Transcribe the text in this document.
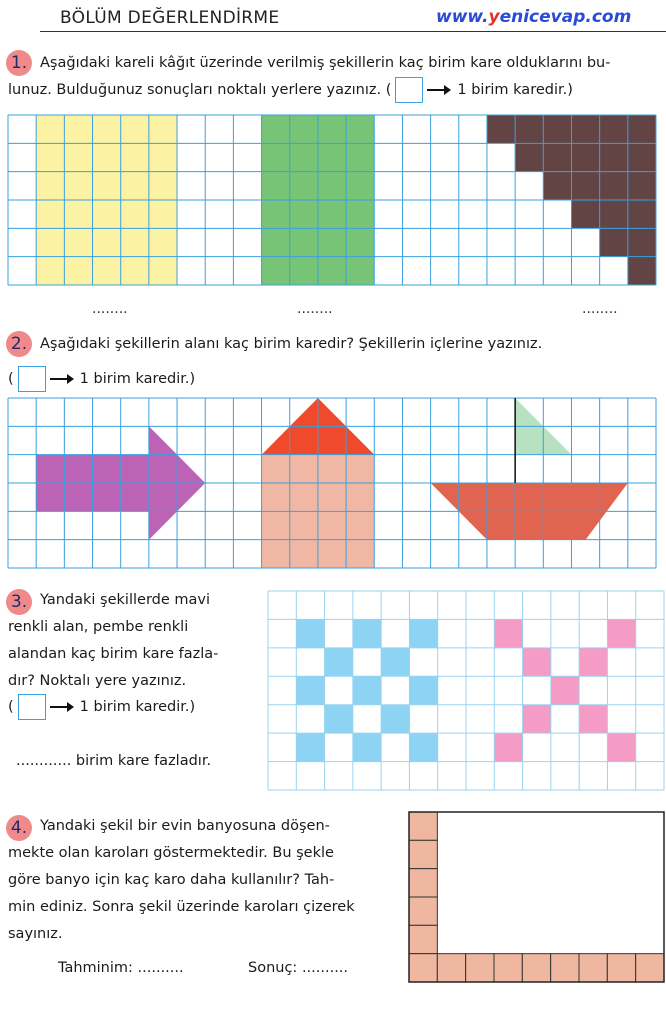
BÖLÜM DEĞERLENDİRME	www.yenicevap.com
1. Aşağıdaki kareli kâğıt üzerinde verilmiş şekillerin kaç birim kare olduklarını bu-
lunuz. Bulduğunuz sonuçları noktalı yerlere yazınız. (	1 birim karedir.)
........	........	........
2. Aşağıdaki şekillerin alanı kaç birim karedir? Şekillerin içlerine yazınız.
(	1 birim karedir.)
3. Yandaki şekillerde mavi
renkli alan, pembe renkli
alandan kaç birim kare fazla-
dır? Noktalı yere yazınız.
(	1 birim karedir.)
............ birim kare fazladır.
4. Yandaki şekil bir evin banyosuna döşen-
mekte olan karoları göstermektedir. Bu şekle
göre banyo için kaç karo daha kullanılır? Tah-
min ediniz. Sonra şekil üzerinde karoları çizerek
sayınız.
Tahminim: ..........	Sonuç: ..........
